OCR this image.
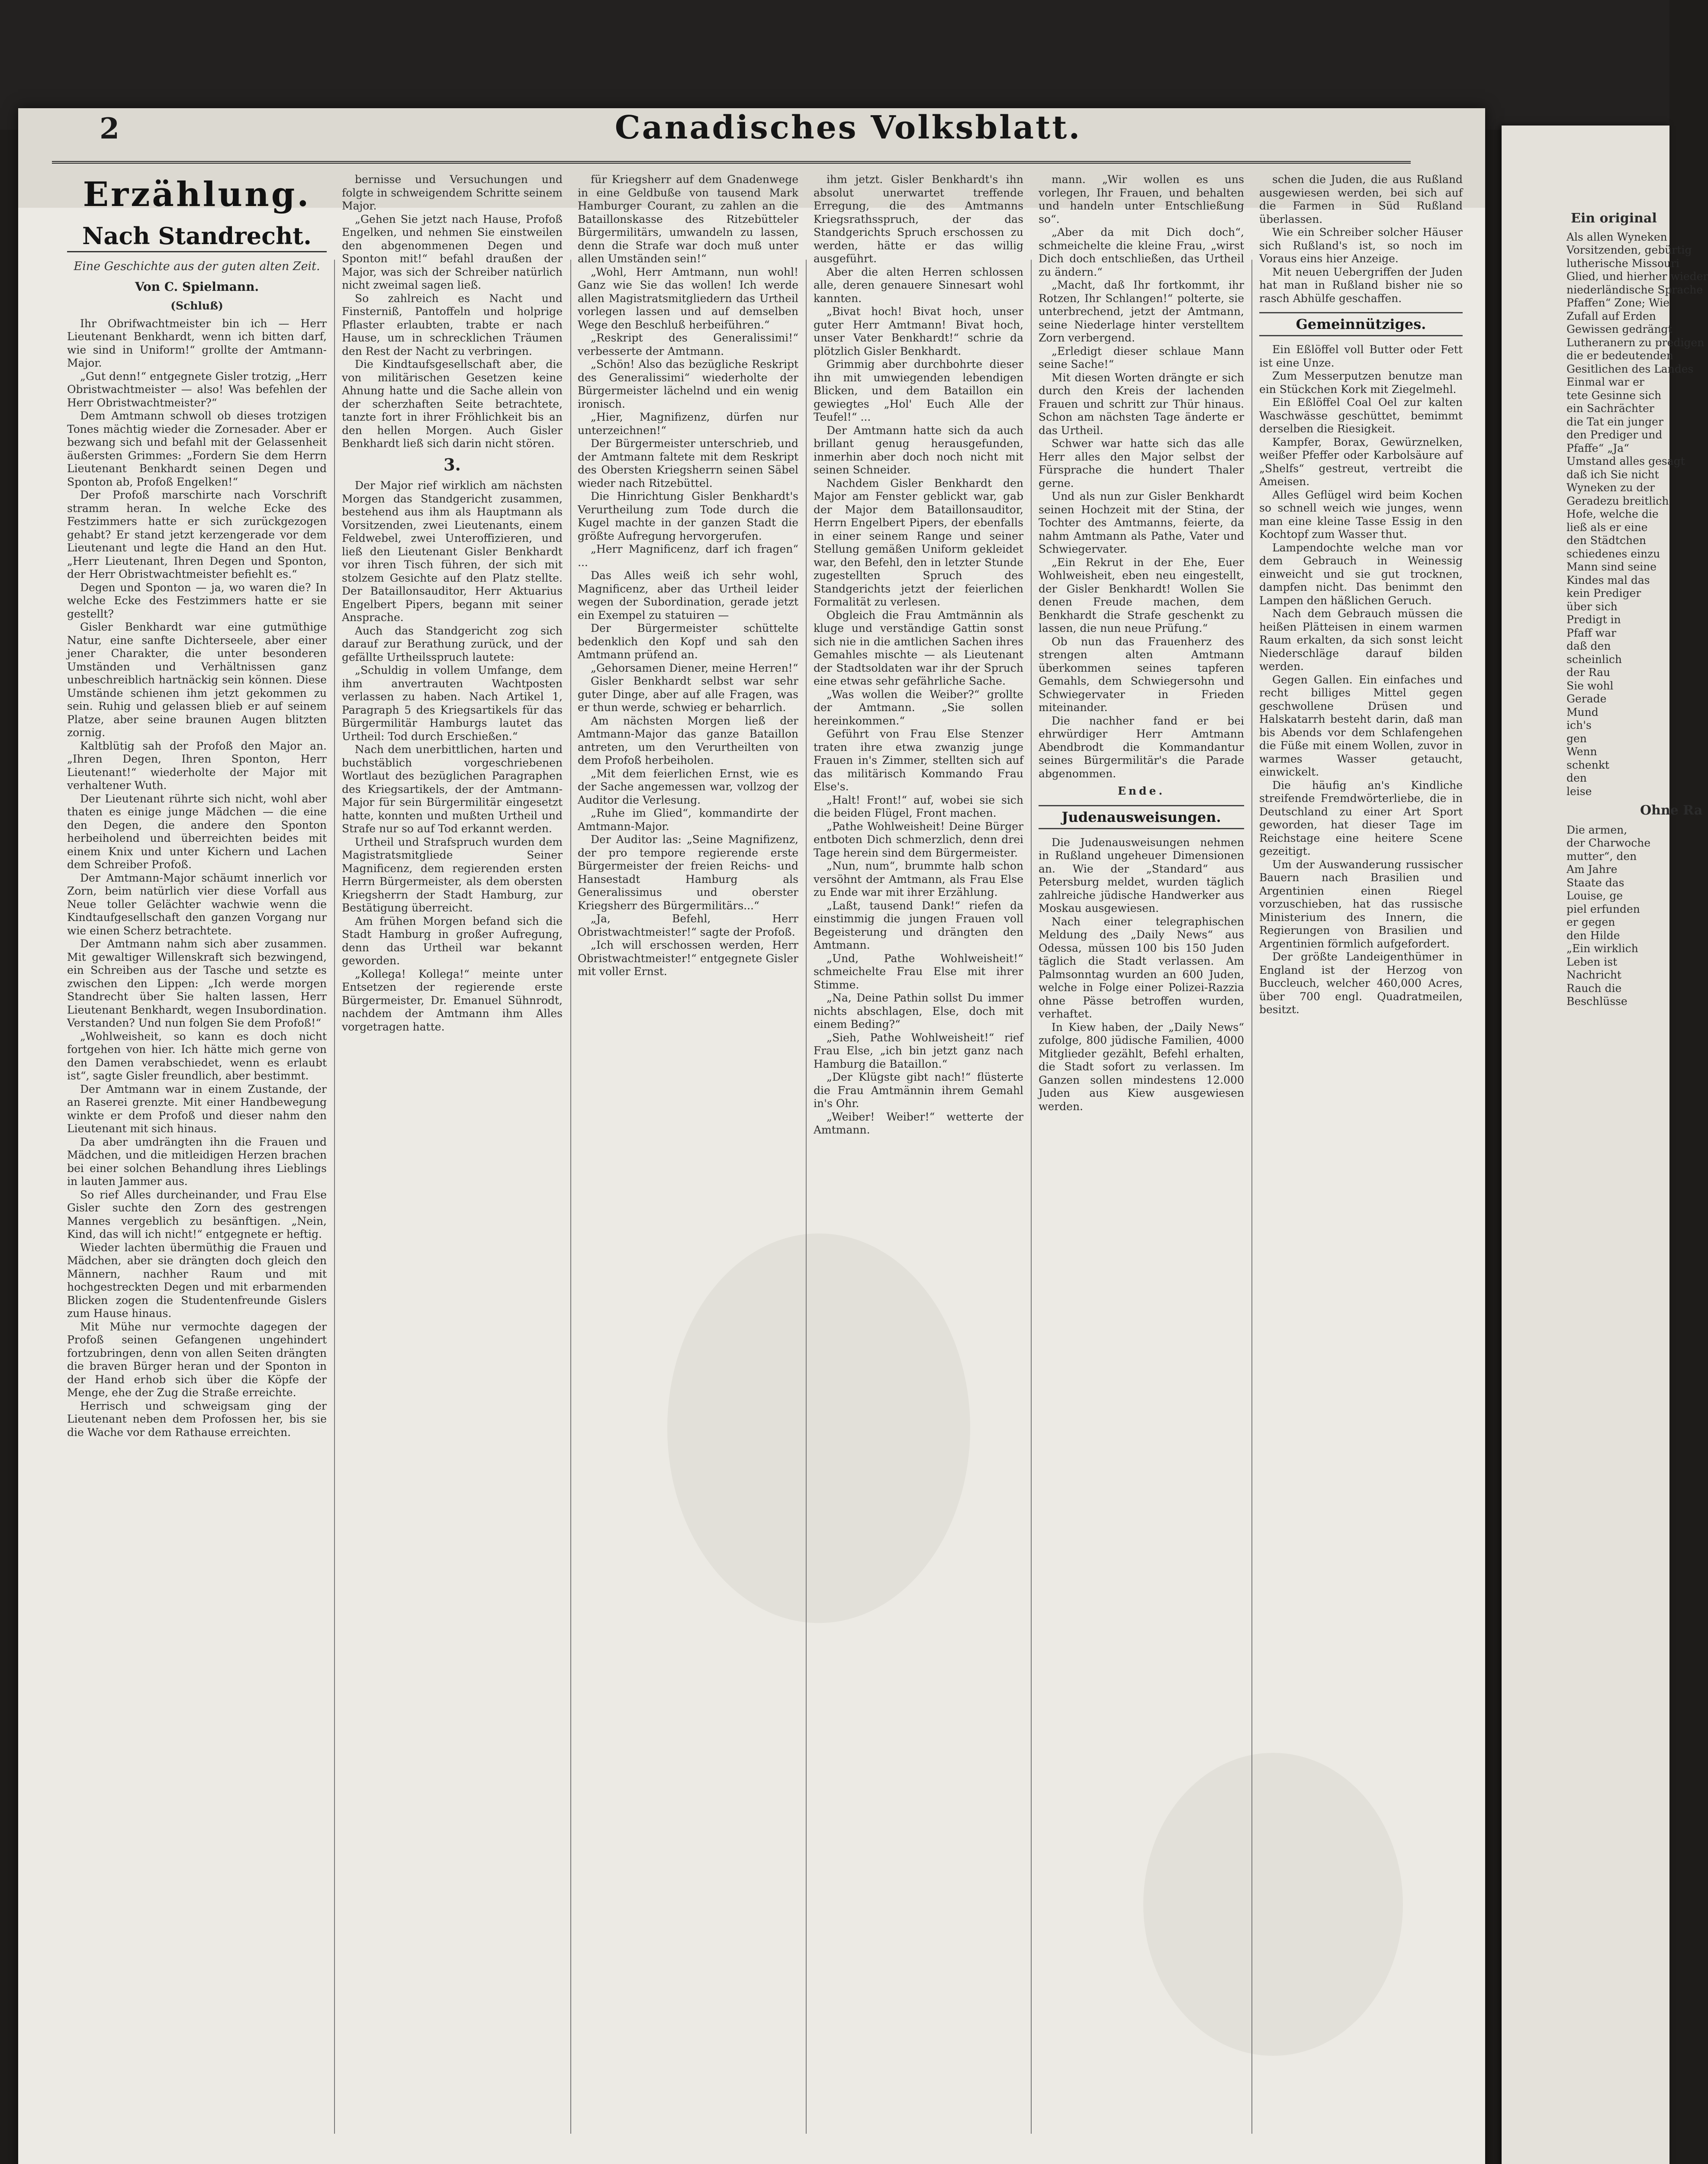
2	Canadisches Volksblatt.
Erzählung.
Nach Standrecht.
Eine Geschichte aus der guten alten Zeit.
Von C. Spielmann.

(Schluß)

Ihr Obrifwachtmeister bin ich — Herr Lieutenant Benkhardt, wenn ich bitten darf, wie sind in Uniform!“ grollte der Amtmann-Major.

„Gut denn!“ entgegnete Gisler trotzig, „Herr Obristwachtmeister — also! Was befehlen der Herr Obristwachtmeister?“

Dem Amtmann schwoll ob dieses trotzigen Tones mächtig wieder die Zornesader. Aber er bezwang sich und befahl mit der Gelassenheit äußersten Grimmes: „Fordern Sie dem Herrn Lieutenant Benkhardt seinen Degen und Sponton ab, Profoß Engelken!“

Der Profoß marschirte nach Vorschrift stramm heran. In welche Ecke des Festzimmers hatte er sich zurückgezogen gehabt? Er stand jetzt kerzengerade vor dem Lieutenant und legte die Hand an den Hut. „Herr Lieutenant, Ihren Degen und Sponton, der Herr Obristwachtmeister befiehlt es.“

Degen und Sponton — ja, wo waren die? In welche Ecke des Festzimmers hatte er sie gestellt?

Gisler Benkhardt war eine gutmüthige Natur, eine sanfte Dichterseele, aber einer jener Charakter, die unter besonderen Umständen und Verhältnissen ganz unbeschreiblich hartnäckig sein können. Diese Umstände schienen ihm jetzt gekommen zu sein. Ruhig und gelassen blieb er auf seinem Platze, aber seine braunen Augen blitzten zornig.

Kaltblütig sah der Profoß den Major an. „Ihren Degen, Ihren Sponton, Herr Lieutenant!“ wiederholte der Major mit verhaltener Wuth.

Der Lieutenant rührte sich nicht, wohl aber thaten es einige junge Mädchen — die eine den Degen, die andere den Sponton herbeiholend und überreichten beides mit einem Knix und unter Kichern und Lachen dem Schreiber Profoß.

Der Amtmann-Major schäumt innerlich vor Zorn, beim natürlich vier diese Vorfall aus Neue toller Gelächter wachwie wenn die Kindtaufgesellschaft den ganzen Vorgang nur wie einen Scherz betrachtete.

Der Amtmann nahm sich aber zusammen. Mit gewaltiger Willenskraft sich bezwingend, ein Schreiben aus der Tasche und setzte es zwischen den Lippen: „Ich werde morgen Standrecht über Sie halten lassen, Herr Lieutenant Benkhardt, wegen Insubordination. Verstanden? Und nun folgen Sie dem Profoß!“

„Wohlweisheit, so kann es doch nicht fortgehen von hier. Ich hätte mich gerne von den Damen verabschiedet, wenn es erlaubt ist“, sagte Gisler freundlich, aber bestimmt.

Der Amtmann war in einem Zustande, der an Raserei grenzte. Mit einer Handbewegung winkte er dem Profoß und dieser nahm den Lieutenant mit sich hinaus.

Da aber umdrängten ihn die Frauen und Mädchen, und die mitleidigen Herzen brachen bei einer solchen Behandlung ihres Lieblings in lauten Jammer aus.

So rief Alles durcheinander, und Frau Else Gisler suchte den Zorn des gestrengen Mannes vergeblich zu besänftigen. „Nein, Kind, das will ich nicht!“ entgegnete er heftig.

Wieder lachten übermüthig die Frauen und Mädchen, aber sie drängten doch gleich den Männern, nachher Raum und mit hochgestreckten Degen und mit erbarmenden Blicken zogen die Studentenfreunde Gislers zum Hause hinaus.

Mit Mühe nur vermochte dagegen der Profoß seinen Gefangenen ungehindert fortzubringen, denn von allen Seiten drängten die braven Bürger heran und der Sponton in der Hand erhob sich über die Köpfe der Menge, ehe der Zug die Straße erreichte.

Herrisch und schweigsam ging der Lieutenant neben dem Profossen her, bis sie die Wache vor dem Rathause erreichten.

bernisse und Versuchungen und folgte in schweigendem Schritte seinem Major.

„Gehen Sie jetzt nach Hause, Profoß Engelken, und nehmen Sie einstweilen den abgenommenen Degen und Sponton mit!“ befahl draußen der Major, was sich der Schreiber natürlich nicht zweimal sagen ließ.

So zahlreich es Nacht und Finsterniß, Pantoffeln und holprige Pflaster erlaubten, trabte er nach Hause, um in schrecklichen Träumen den Rest der Nacht zu verbringen.

Die Kindtaufsgesellschaft aber, die von militärischen Gesetzen keine Ahnung hatte und die Sache allein von der scherzhaften Seite betrachtete, tanzte fort in ihrer Fröhlichkeit bis an den hellen Morgen. Auch Gisler Benkhardt ließ sich darin nicht stören.

3.

Der Major rief wirklich am nächsten Morgen das Standgericht zusammen, bestehend aus ihm als Hauptmann als Vorsitzenden, zwei Lieutenants, einem Feldwebel, zwei Unteroffizieren, und ließ den Lieutenant Gisler Benkhardt vor ihren Tisch führen, der sich mit stolzem Gesichte auf den Platz stellte. Der Bataillonsauditor, Herr Aktuarius Engelbert Pipers, begann mit seiner Ansprache.

Auch das Standgericht zog sich darauf zur Berathung zurück, und der gefällte Urtheilsspruch lautete:

„Schuldig in vollem Umfange, dem ihm anvertrauten Wachtposten verlassen zu haben. Nach Artikel 1, Paragraph 5 des Kriegsartikels für das Bürgermilitär Hamburgs lautet das Urtheil: Tod durch Erschießen.“

Nach dem unerbittlichen, harten und buchstäblich vorgeschriebenen Wortlaut des bezüglichen Paragraphen des Kriegsartikels, der der Amtmann-Major für sein Bürgermilitär eingesetzt hatte, konnten und mußten Urtheil und Strafe nur so auf Tod erkannt werden.

Urtheil und Strafspruch wurden dem Magistratsmitgliede Seiner Magnificenz, dem regierenden ersten Herrn Bürgermeister, als dem obersten Kriegsherrn der Stadt Hamburg, zur Bestätigung überreicht.

Am frühen Morgen befand sich die Stadt Hamburg in großer Aufregung, denn das Urtheil war bekannt geworden.

„Kollega! Kollega!“ meinte unter Entsetzen der regierende erste Bürgermeister, Dr. Emanuel Sühnrodt, nachdem der Amtmann ihm Alles vorgetragen hatte.

für Kriegsherr auf dem Gnadenwege in eine Geldbuße von tausend Mark Hamburger Courant, zu zahlen an die Bataillonskasse des Ritzebütteler Bürgermilitärs, umwandeln zu lassen, denn die Strafe war doch muß unter allen Umständen sein!“

„Wohl, Herr Amtmann, nun wohl! Ganz wie Sie das wollen! Ich werde allen Magistratsmitgliedern das Urtheil vorlegen lassen und auf demselben Wege den Beschluß herbeiführen.“

„Reskript des Generalissimi!“ verbesserte der Amtmann.

„Schön! Also das bezügliche Reskript des Generalissimi“ wiederholte der Bürgermeister lächelnd und ein wenig ironisch.

„Hier, Magnifizenz, dürfen nur unterzeichnen!“

Der Bürgermeister unterschrieb, und der Amtmann faltete mit dem Reskript des Obersten Kriegsherrn seinen Säbel wieder nach Ritzebüttel.

Die Hinrichtung Gisler Benkhardt's Verurtheilung zum Tode durch die Kugel machte in der ganzen Stadt die größte Aufregung hervorgerufen.

„Herr Magnificenz, darf ich fragen“ ...

Das Alles weiß ich sehr wohl, Magnificenz, aber das Urtheil leider wegen der Subordination, gerade jetzt ein Exempel zu statuiren —

Der Bürgermeister schüttelte bedenklich den Kopf und sah den Amtmann prüfend an.

„Gehorsamen Diener, meine Herren!“

Gisler Benkhardt selbst war sehr guter Dinge, aber auf alle Fragen, was er thun werde, schwieg er beharrlich.

Am nächsten Morgen ließ der Amtmann-Major das ganze Bataillon antreten, um den Verurtheilten von dem Profoß herbeiholen.

„Mit dem feierlichen Ernst, wie es der Sache angemessen war, vollzog der Auditor die Verlesung.

„Ruhe im Glied“, kommandirte der Amtmann-Major.

Der Auditor las: „Seine Magnifizenz, der pro tempore regierende erste Bürgermeister der freien Reichs- und Hansestadt Hamburg als Generalissimus und oberster Kriegsherr des Bürgermilitärs...“

„Ja, Befehl, Herr Obristwachtmeister!“ sagte der Profoß.

„Ich will erschossen werden, Herr Obristwachtmeister!“ entgegnete Gisler mit voller Ernst.

ihm jetzt. Gisler Benkhardt's ihn absolut unerwartet treffende Erregung, die des Amtmanns Kriegsrathsspruch, der das Standgerichts Spruch erschossen zu werden, hätte er das willig ausgeführt.

Aber die alten Herren schlossen alle, deren genauere Sinnesart wohl kannten.

„Bivat hoch! Bivat hoch, unser guter Herr Amtmann! Bivat hoch, unser Vater Benkhardt!“ schrie da plötzlich Gisler Benkhardt.

Grimmig aber durchbohrte dieser ihn mit umwiegenden lebendigen Blicken, und dem Bataillon ein gewiegtes „Hol' Euch Alle der Teufel!“ ...

Der Amtmann hatte sich da auch brillant genug herausgefunden, inmerhin aber doch noch nicht mit seinen Schneider.

Nachdem Gisler Benkhardt den Major am Fenster geblickt war, gab der Major dem Bataillonsauditor, Herrn Engelbert Pipers, der ebenfalls in einer seinem Range und seiner Stellung gemäßen Uniform gekleidet war, den Befehl, den in letzter Stunde zugestellten Spruch des Standgerichts jetzt der feierlichen Formalität zu verlesen.

Obgleich die Frau Amtmännin als kluge und verständige Gattin sonst sich nie in die amtlichen Sachen ihres Gemahles mischte — als Lieutenant der Stadtsoldaten war ihr der Spruch eine etwas sehr gefährliche Sache.

„Was wollen die Weiber?“ grollte der Amtmann. „Sie sollen hereinkommen.“

Geführt von Frau Else Stenzer traten ihre etwa zwanzig junge Frauen in's Zimmer, stellten sich auf das militärisch Kommando Frau Else's.

„Halt! Front!“ auf, wobei sie sich die beiden Flügel, Front machen.

„Pathe Wohlweisheit! Deine Bürger entboten Dich schmerzlich, denn drei Tage herein sind dem Bürgermeister.

„Nun, num“, brummte halb schon versöhnt der Amtmann, als Frau Else zu Ende war mit ihrer Erzählung.

„Laßt, tausend Dank!“ riefen da einstimmig die jungen Frauen voll Begeisterung und drängten den Amtmann.

„Und, Pathe Wohlweisheit!“ schmeichelte Frau Else mit ihrer Stimme.

„Na, Deine Pathin sollst Du immer nichts abschlagen, Else, doch mit einem Beding?“

„Sieh, Pathe Wohlweisheit!“ rief Frau Else, „ich bin jetzt ganz nach Hamburg die Bataillon.“

„Der Klügste gibt nach!“ flüsterte die Frau Amtmännin ihrem Gemahl in's Ohr.

„Weiber! Weiber!“ wetterte der Amtmann.

mann. „Wir wollen es uns vorlegen, Ihr Frauen, und behalten und handeln unter Entschließung so“.

„Aber da mit Dich doch“, schmeichelte die kleine Frau, „wirst Dich doch entschließen, das Urtheil zu ändern.“

„Macht, daß Ihr fortkommt, ihr Rotzen, Ihr Schlangen!“ polterte, sie unterbrechend, jetzt der Amtmann, seine Niederlage hinter verstelltem Zorn verbergend.

„Erledigt dieser schlaue Mann seine Sache!“

Mit diesen Worten drängte er sich durch den Kreis der lachenden Frauen und schritt zur Thür hinaus. Schon am nächsten Tage änderte er das Urtheil.

Schwer war hatte sich das alle Herr alles den Major selbst der Fürsprache die hundert Thaler gerne.

Und als nun zur Gisler Benkhardt seinen Hochzeit mit der Stina, der Tochter des Amtmanns, feierte, da nahm Amtmann als Pathe, Vater und Schwiegervater.

„Ein Rekrut in der Ehe, Euer Wohlweisheit, eben neu eingestellt, der Gisler Benkhardt! Wollen Sie denen Freude machen, dem Benkhardt die Strafe geschenkt zu lassen, die nun neue Prüfung.“

Ob nun das Frauenherz des strengen alten Amtmann überkommen seines tapferen Gemahls, dem Schwiegersohn und Schwiegervater in Frieden miteinander.

Die nachher fand er bei ehrwürdiger Herr Amtmann Abendbrodt die Kommandantur seines Bürgermilitär's die Parade abgenommen.

Ende.

Judenausweisungen.

Die Judenausweisungen nehmen in Rußland ungeheuer Dimensionen an. Wie der „Standard“ aus Petersburg meldet, wurden täglich zahlreiche jüdische Handwerker aus Moskau ausgewiesen.

Nach einer telegraphischen Meldung des „Daily News“ aus Odessa, müssen 100 bis 150 Juden täglich die Stadt verlassen. Am Palmsonntag wurden an 600 Juden, welche in Folge einer Polizei-Razzia ohne Pässe betroffen wurden, verhaftet.

In Kiew haben, der „Daily News“ zufolge, 800 jüdische Familien, 4000 Mitglieder gezählt, Befehl erhalten, die Stadt sofort zu verlassen. Im Ganzen sollen mindestens 12.000 Juden aus Kiew ausgewiesen werden.

schen die Juden, die aus Rußland ausgewiesen werden, bei sich auf die Farmen in Süd Rußland überlassen.

Wie ein Schreiber solcher Häuser sich Rußland's ist, so noch im Voraus eins hier Anzeige.

Mit neuen Uebergriffen der Juden hat man in Rußland bisher nie so rasch Abhülfe geschaffen.

Gemeinnütziges.

Ein Eßlöffel voll Butter oder Fett ist eine Unze.

Zum Messerputzen benutze man ein Stückchen Kork mit Ziegelmehl.

Ein Eßlöffel Coal Oel zur kalten Waschwässe geschüttet, bemimmt derselben die Riesigkeit.

Kampfer, Borax, Gewürznelken, weißer Pfeffer oder Karbolsäure auf „Shelfs“ gestreut, vertreibt die Ameisen.

Alles Geflügel wird beim Kochen so schnell weich wie junges, wenn man eine kleine Tasse Essig in den Kochtopf zum Wasser thut.

Lampendochte welche man vor dem Gebrauch in Weinessig einweicht und sie gut trocknen, dampfen nicht. Das benimmt den Lampen den häßlichen Geruch.

Nach dem Gebrauch müssen die heißen Plätteisen in einem warmen Raum erkalten, da sich sonst leicht Niederschläge darauf bilden werden.

Gegen Gallen. Ein einfaches und recht billiges Mittel gegen geschwollene Drüsen und Halskatarrh besteht darin, daß man bis Abends vor dem Schlafengehen die Füße mit einem Wollen, zuvor in warmes Wasser getaucht, einwickelt.

Die häufig an's Kindliche streifende Fremdwörterliebe, die in Deutschland zu einer Art Sport geworden, hat dieser Tage im Reichstage eine heitere Scene gezeitigt.

Um der Auswanderung russischer Bauern nach Brasilien und Argentinien einen Riegel vorzuschieben, hat das russische Ministerium des Innern, die Regierungen von Brasilien und Argentinien förmlich aufgefordert.

Der größte Landeigenthümer in England ist der Herzog von Buccleuch, welcher 460,000 Acres, über 700 engl. Quadratmeilen, besitzt.

Ein original
Als allen Wyneken
Vorsitzenden, gebürtig
lutherische Missouri
Glied, und hierher wieder
niederländische Sprache
Pfaffen“ Zone; Wie
Zufall auf Erden
Gewissen gedrängt
Lutheranern zu predigen
die er bedeutenden
Gesitlichen des Landes
Einmal war er
tete Gesinne sich
ein Sachrächter
die Tat ein junger
den Prediger und
Pfaffe“ „Ja“
Umstand alles gesagt
daß ich Sie nicht
Wyneken zu der
Geradezu breitlich
Hofe, welche die
ließ als er eine
den Städtchen
schiedenes einzu
Mann sind seine
Kindes mal das
kein Prediger
über sich
Predigt in
Pfaff war
daß den
scheinlich
der Rau
Sie wohl
Gerade
Mund
ich's
gen
Wenn
schenkt
den
leise
Ohne Ra
Die armen,
der Charwoche
mutter“, den
Am Jahre
Staate das
Louise, ge
piel erfunden
er gegen
den Hilde
„Ein wirklich
Leben ist
Nachricht
Rauch die
Beschlüsse
